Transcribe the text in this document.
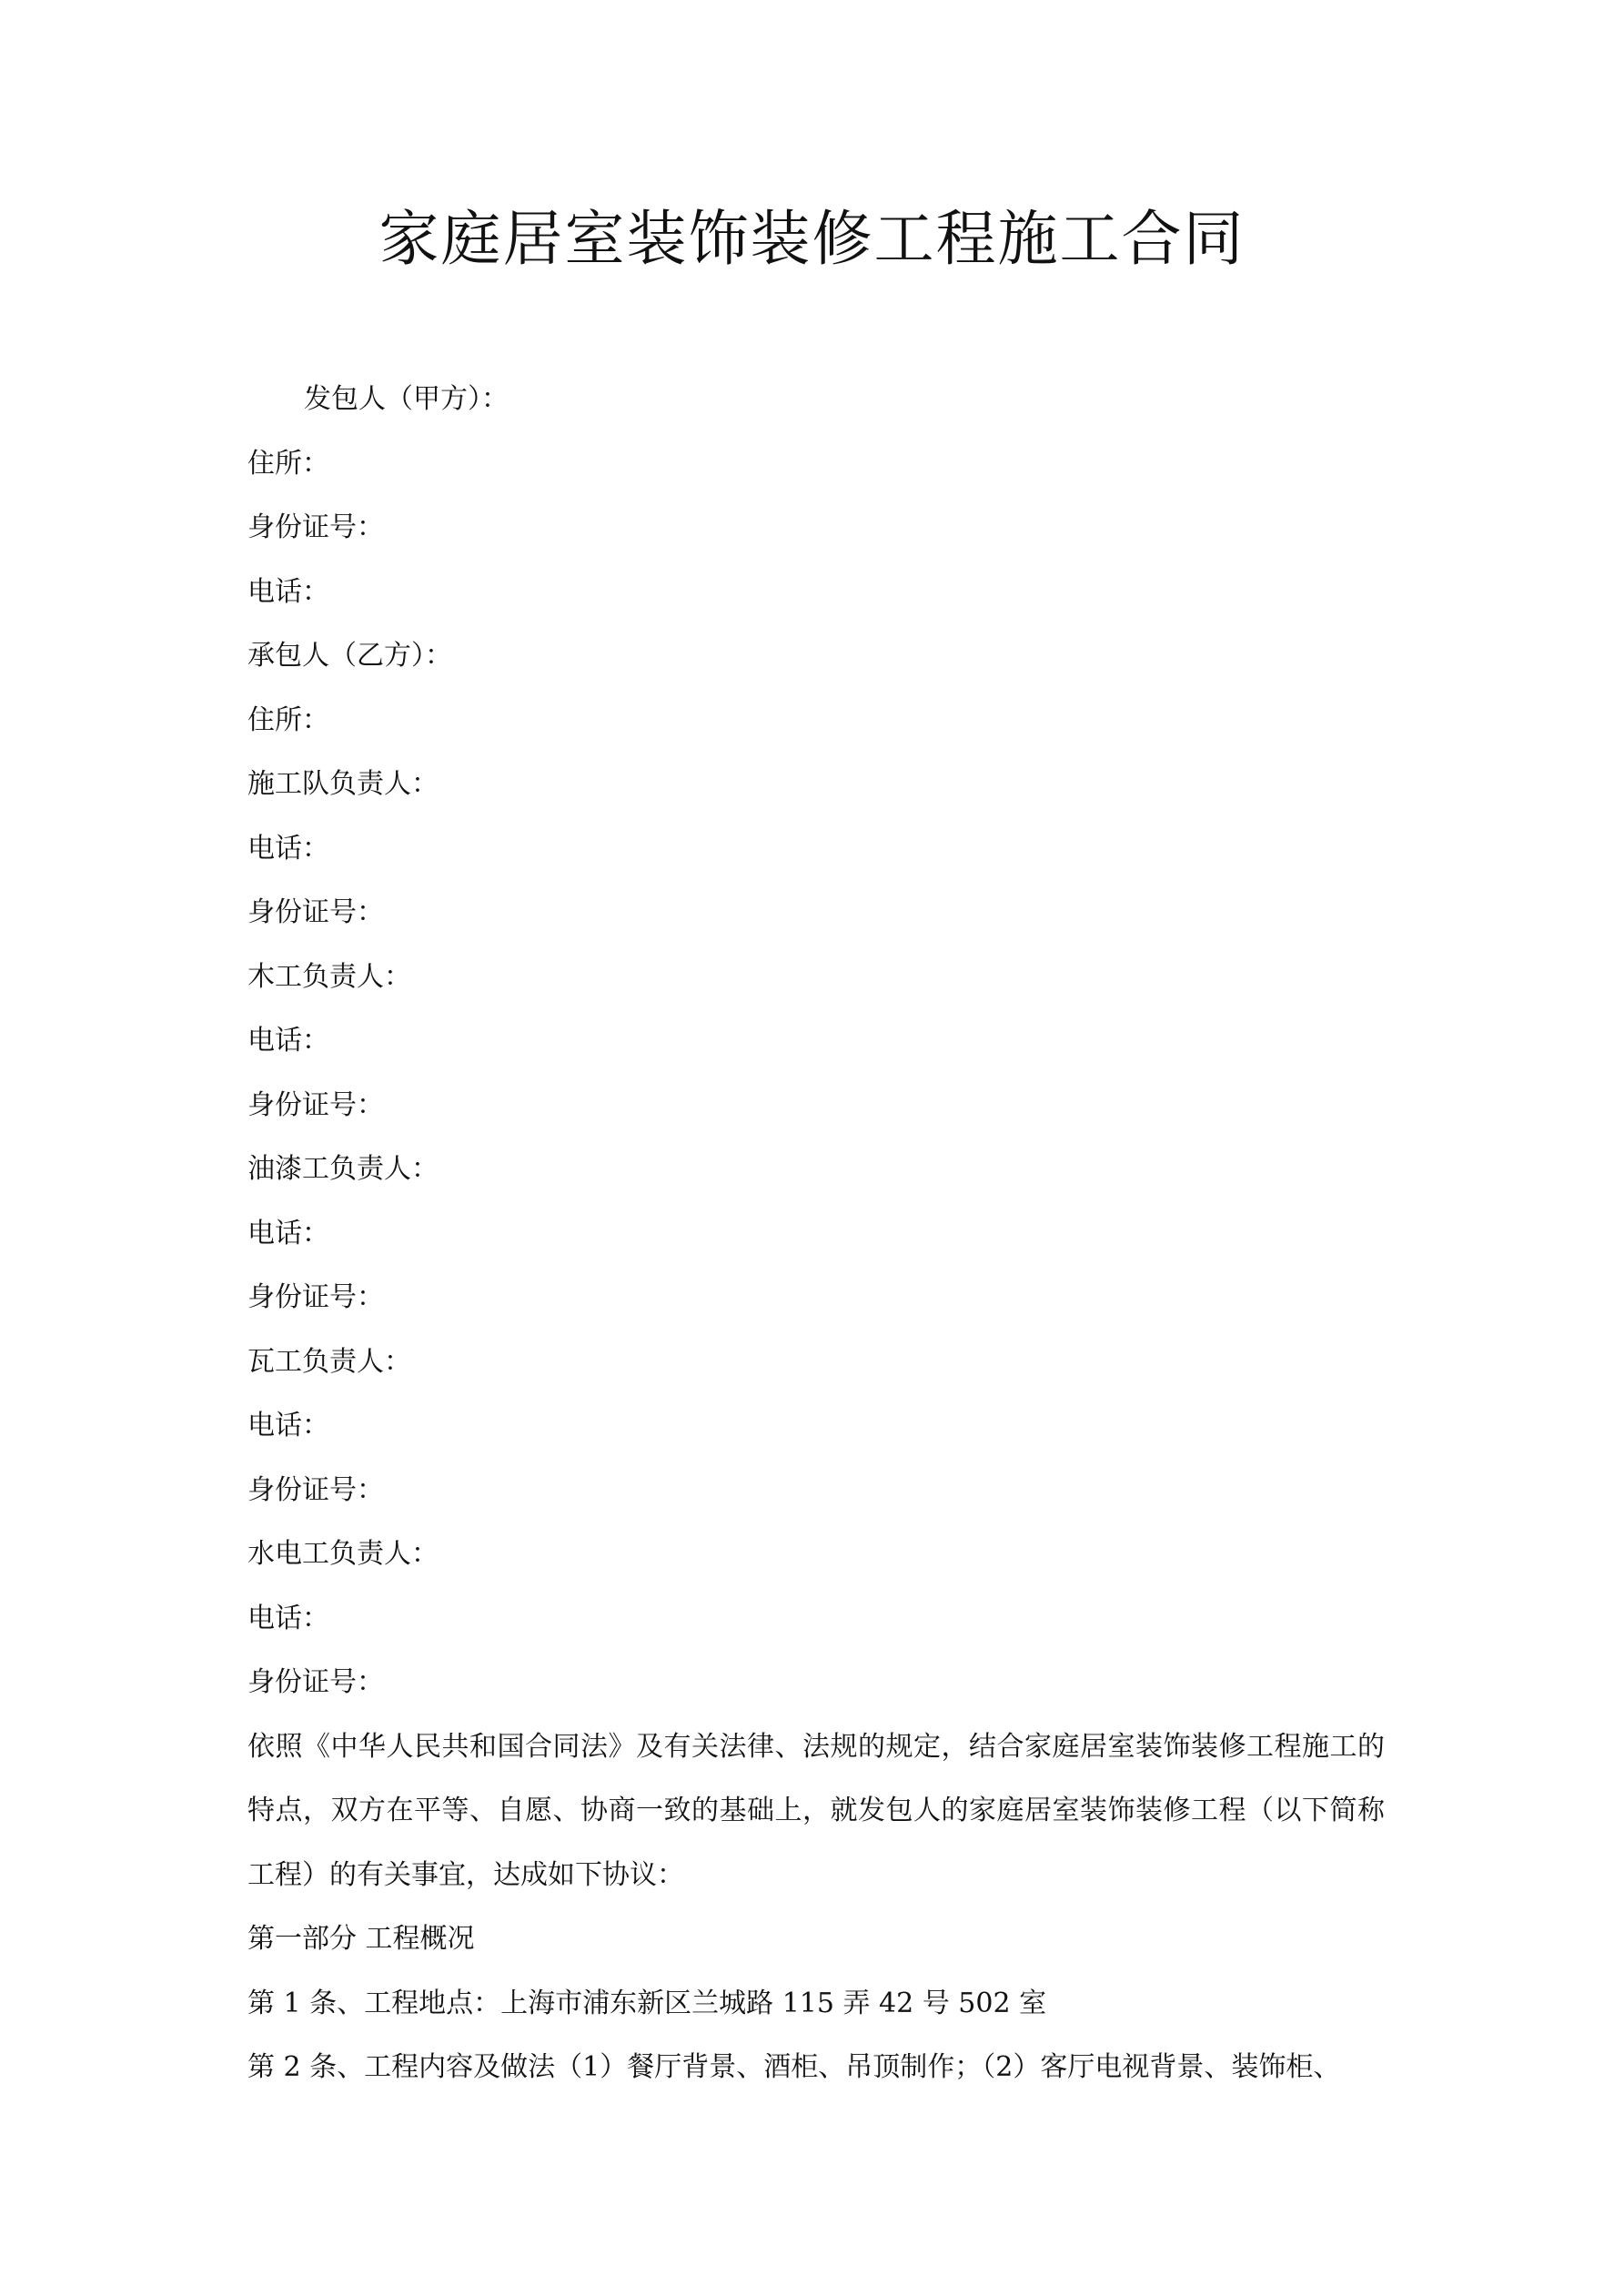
家庭居室装饰装修工程施工合同
发包人（甲方）：
住所：
身份证号：
电话：
承包人（乙方）：
住所：
施工队负责人：
电话：
身份证号：
木工负责人：
电话：
身份证号：
油漆工负责人：
电话：
身份证号：
瓦工负责人：
电话：
身份证号：
水电工负责人：
电话：
身份证号：
依照《中华人民共和国合同法》及有关法律、法规的规定，结合家庭居室装饰装修工程施工的特点，双方在平等、自愿、协商一致的基础上，就发包人的家庭居室装饰装修工程（以下简称工程）的有关事宜，达成如下协议：
第一部分 工程概况
第 1 条、工程地点：上海市浦东新区兰城路 115 弄 42 号 502 室
第 2 条、工程内容及做法（1）餐厅背景、酒柜、吊顶制作；（2）客厅电视背景、装饰柜、
